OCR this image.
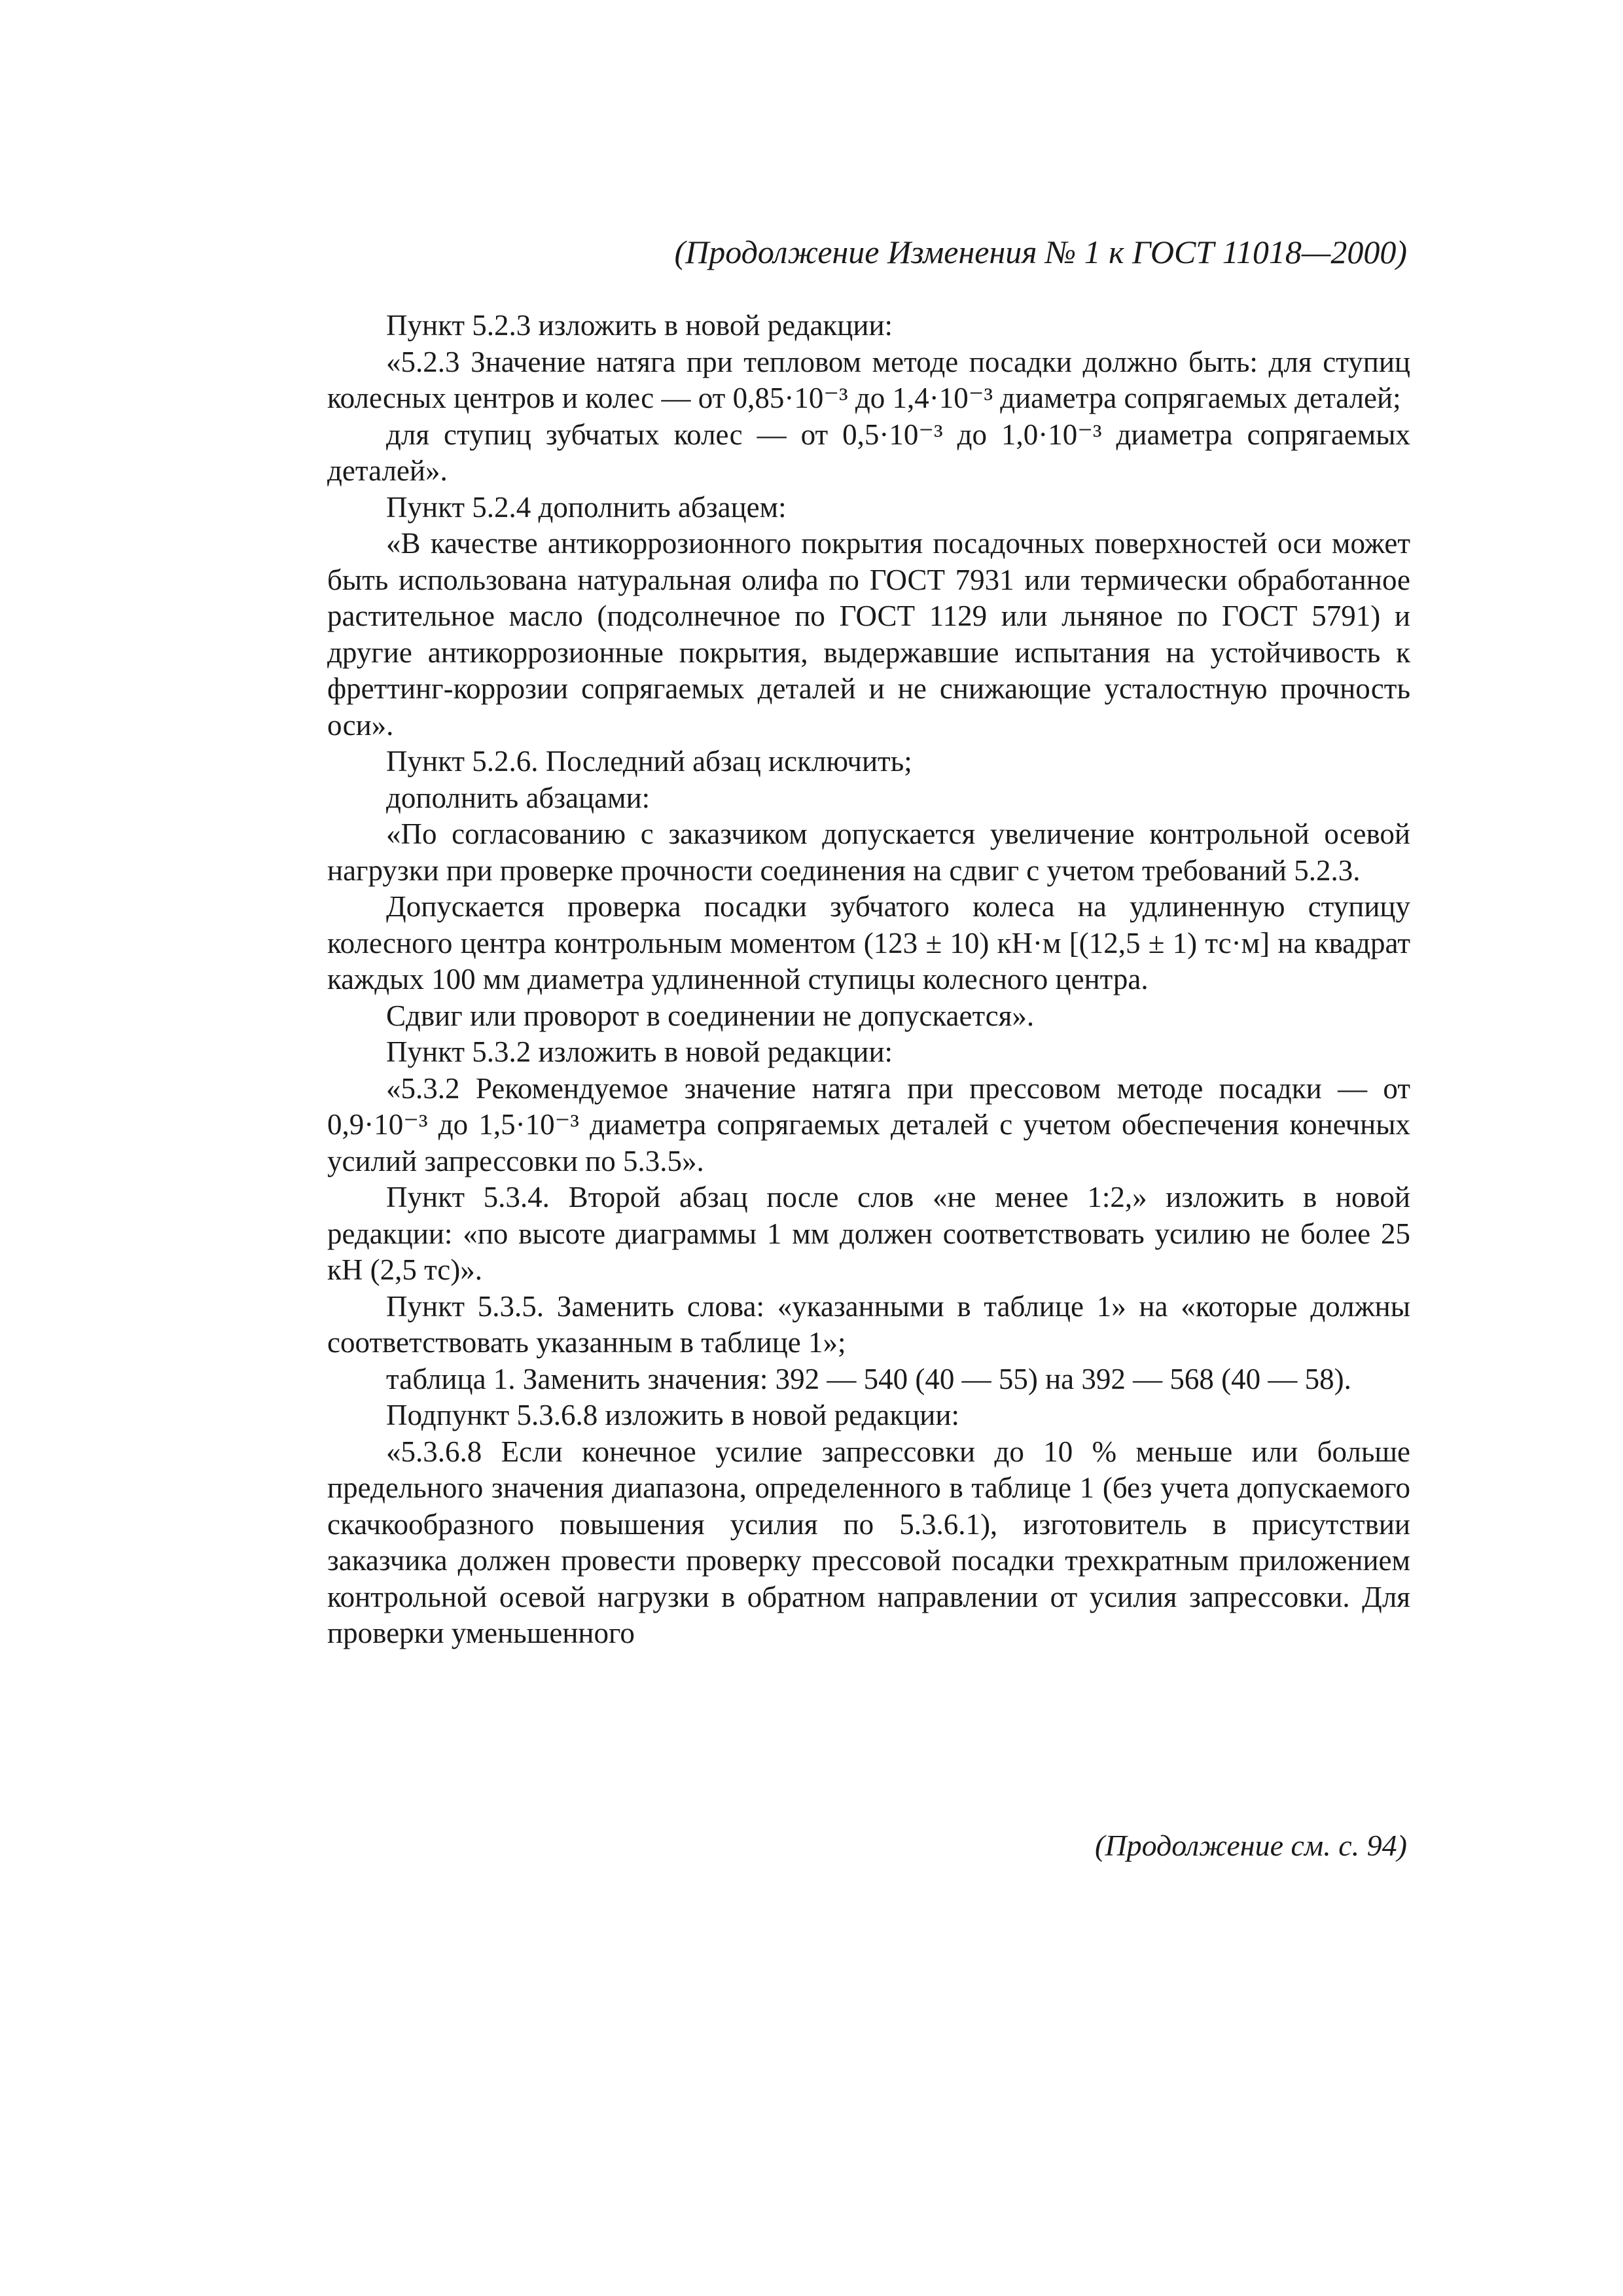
(Продолжение Изменения № 1 к ГОСТ 11018—2000)

Пункт 5.2.3 изложить в новой редакции:

«5.2.3 Значение натяга при тепловом методе посадки должно быть: для ступиц колесных центров и колес — от 0,85·10⁻³ до 1,4·10⁻³ диаметра сопрягаемых деталей;

для ступиц зубчатых колес — от 0,5·10⁻³ до 1,0·10⁻³ диаметра сопрягаемых деталей».

Пункт 5.2.4 дополнить абзацем:

«В качестве антикоррозионного покрытия посадочных поверхностей оси может быть использована натуральная олифа по ГОСТ 7931 или термически обработанное растительное масло (подсолнечное по ГОСТ 1129 или льняное по ГОСТ 5791) и другие антикоррозионные покрытия, выдержавшие испытания на устойчивость к фреттинг-коррозии сопрягаемых деталей и не снижающие усталостную прочность оси».

Пункт 5.2.6. Последний абзац исключить;

дополнить абзацами:

«По согласованию с заказчиком допускается увеличение контрольной осевой нагрузки при проверке прочности соединения на сдвиг с учетом требований 5.2.3.

Допускается проверка посадки зубчатого колеса на удлиненную ступицу колесного центра контрольным моментом (123 ± 10) кН·м [(12,5 ± 1) тс·м] на квадрат каждых 100 мм диаметра удлиненной ступицы колесного центра.

Сдвиг или проворот в соединении не допускается».

Пункт 5.3.2 изложить в новой редакции:

«5.3.2 Рекомендуемое значение натяга при прессовом методе посадки — от 0,9·10⁻³ до 1,5·10⁻³ диаметра сопрягаемых деталей с учетом обеспечения конечных усилий запрессовки по 5.3.5».

Пункт 5.3.4. Второй абзац после слов «не менее 1:2,» изложить в новой редакции: «по высоте диаграммы 1 мм должен соответствовать усилию не более 25 кН (2,5 тс)».

Пункт 5.3.5. Заменить слова: «указанными в таблице 1» на «которые должны соответствовать указанным в таблице 1»;

таблица 1. Заменить значения: 392 — 540 (40 — 55) на 392 — 568 (40 — 58).

Подпункт 5.3.6.8 изложить в новой редакции:

«5.3.6.8 Если конечное усилие запрессовки до 10 % меньше или больше предельного значения диапазона, определенного в таблице 1 (без учета допускаемого скачкообразного повышения усилия по 5.3.6.1), изготовитель в присутствии заказчика должен провести проверку прессовой посадки трехкратным приложением контрольной осевой нагрузки в обратном направлении от усилия запрессовки. Для проверки уменьшенного

(Продолжение см. с. 94)
